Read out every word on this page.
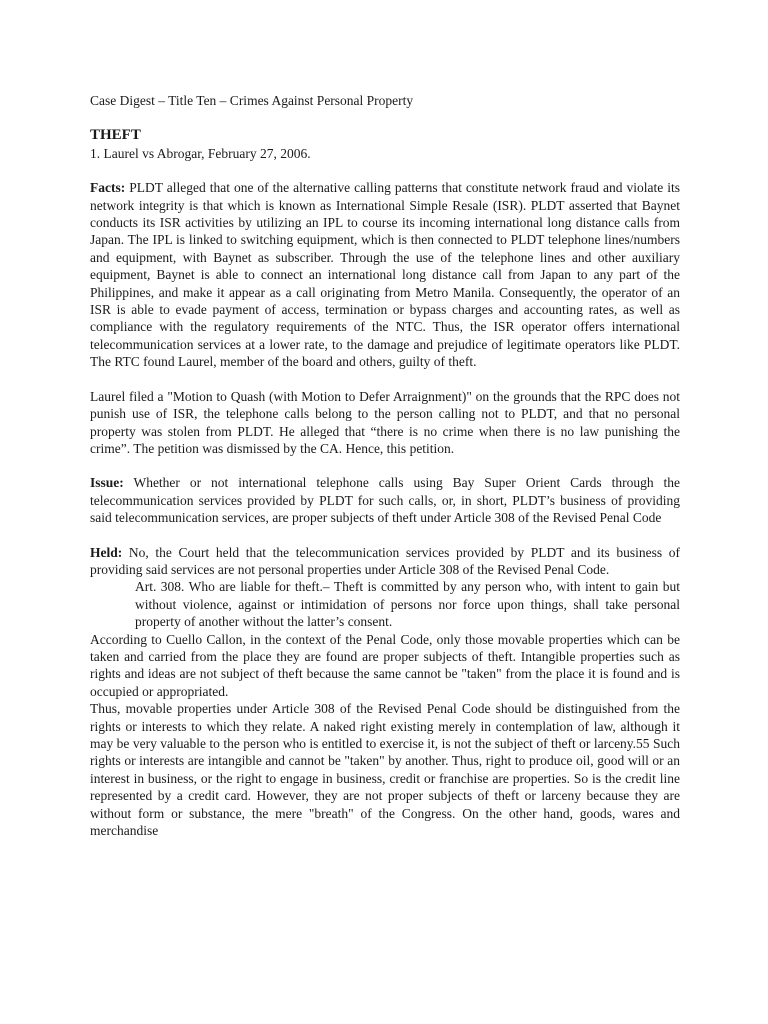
Case Digest – Title Ten – Crimes Against Personal Property

THEFT

1. Laurel vs Abrogar, February 27, 2006.

Facts: PLDT alleged that one of the alternative calling patterns that constitute network fraud and violate its network integrity is that which is known as International Simple Resale (ISR). PLDT asserted that Baynet conducts its ISR activities by utilizing an IPL to course its incoming international long distance calls from Japan. The IPL is linked to switching equipment, which is then connected to PLDT telephone lines/numbers and equipment, with Baynet as subscriber. Through the use of the telephone lines and other auxiliary equipment, Baynet is able to connect an international long distance call from Japan to any part of the Philippines, and make it appear as a call originating from Metro Manila. Consequently, the operator of an ISR is able to evade payment of access, termination or bypass charges and accounting rates, as well as compliance with the regulatory requirements of the NTC. Thus, the ISR operator offers international telecommunication services at a lower rate, to the damage and prejudice of legitimate operators like PLDT. The RTC found Laurel, member of the board and others, guilty of theft.

Laurel filed a "Motion to Quash (with Motion to Defer Arraignment)" on the grounds that the RPC does not punish use of ISR, the telephone calls belong to the person calling not to PLDT, and that no personal property was stolen from PLDT. He alleged that “there is no crime when there is no law punishing the crime”. The petition was dismissed by the CA. Hence, this petition.

Issue: Whether or not international telephone calls using Bay Super Orient Cards through the telecommunication services provided by PLDT for such calls, or, in short, PLDT’s business of providing said telecommunication services, are proper subjects of theft under Article 308 of the Revised Penal Code

Held: No, the Court held that the telecommunication services provided by PLDT and its business of providing said services are not personal properties under Article 308 of the Revised Penal Code.

Art. 308. Who are liable for theft.– Theft is committed by any person who, with intent to gain but without violence, against or intimidation of persons nor force upon things, shall take personal property of another without the latter’s consent.

According to Cuello Callon, in the context of the Penal Code, only those movable properties which can be taken and carried from the place they are found are proper subjects of theft. Intangible properties such as rights and ideas are not subject of theft because the same cannot be "taken" from the place it is found and is occupied or appropriated.

Thus, movable properties under Article 308 of the Revised Penal Code should be distinguished from the rights or interests to which they relate. A naked right existing merely in contemplation of law, although it may be very valuable to the person who is entitled to exercise it, is not the subject of theft or larceny.55 Such rights or interests are intangible and cannot be "taken" by another. Thus, right to produce oil, good will or an interest in business, or the right to engage in business, credit or franchise are properties. So is the credit line represented by a credit card. However, they are not proper subjects of theft or larceny because they are without form or substance, the mere "breath" of the Congress. On the other hand, goods, wares and merchandise
